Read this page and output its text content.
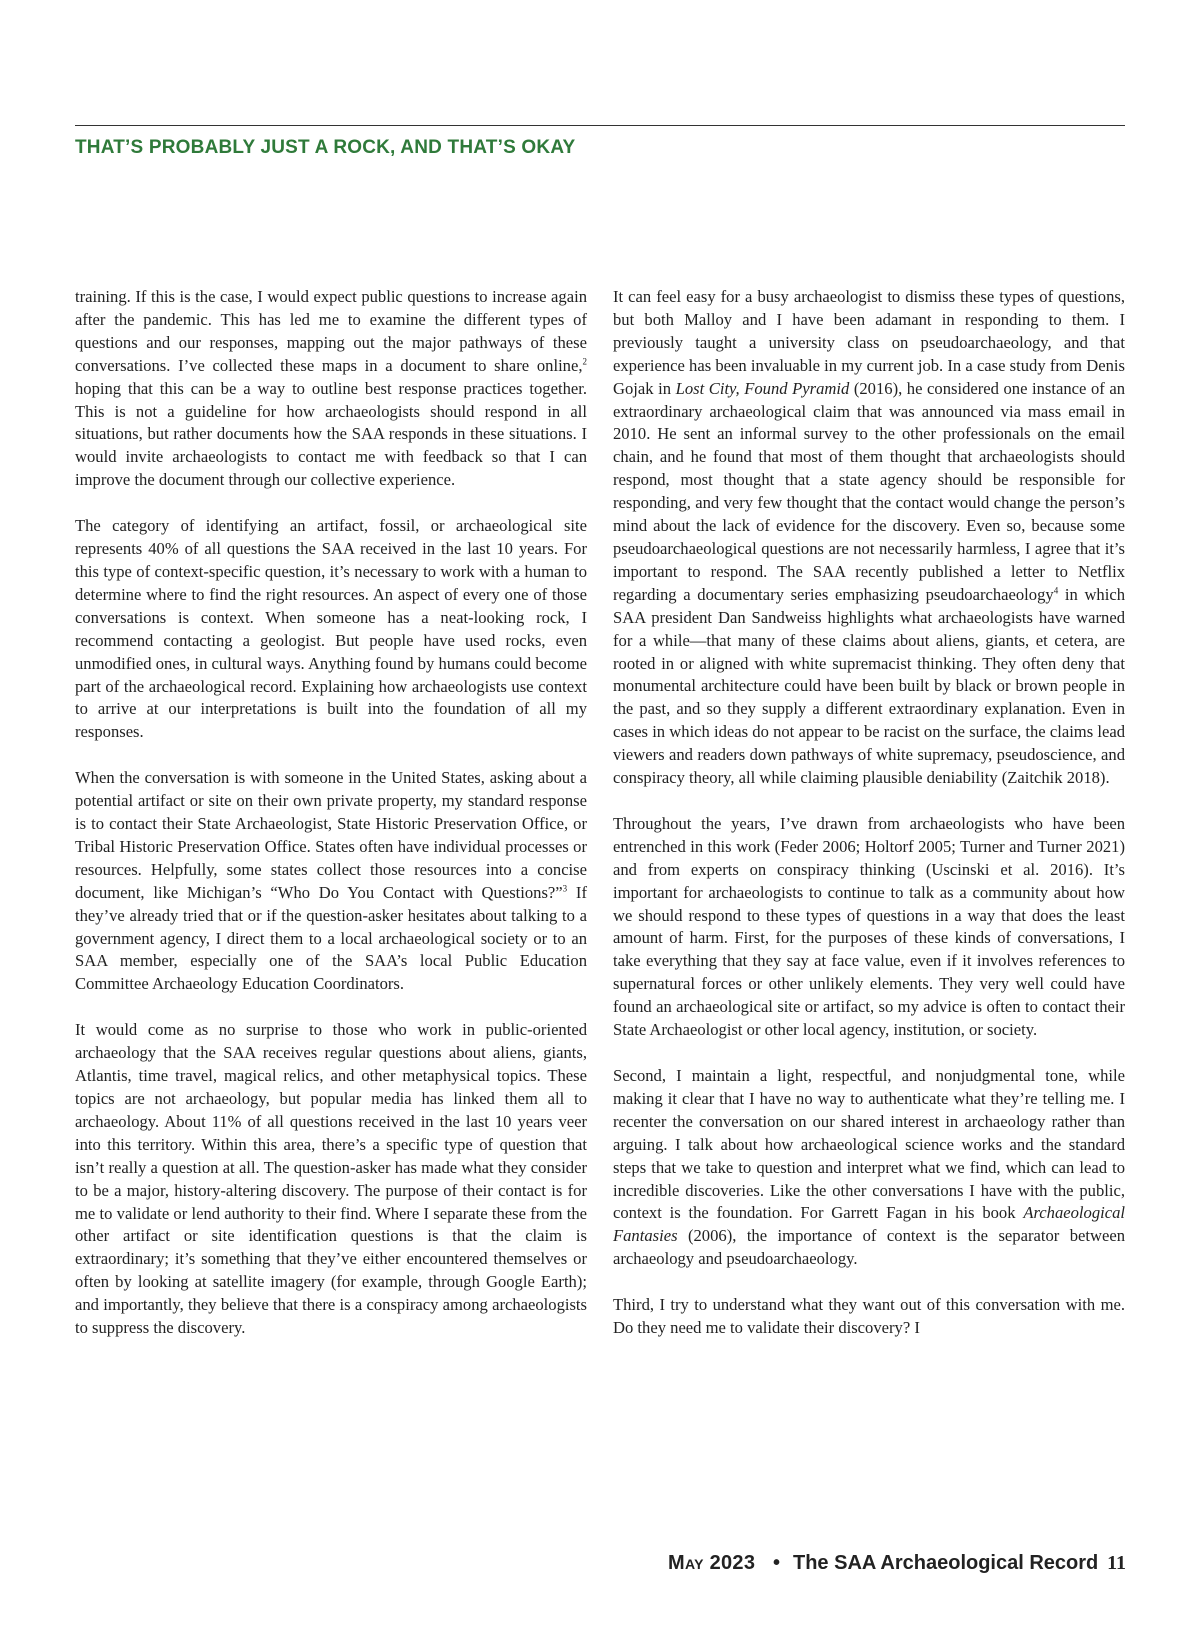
THAT’S PROBABLY JUST A ROCK, AND THAT’S OKAY

training. If this is the case, I would expect public questions to increase again after the pandemic. This has led me to examine the different types of questions and our responses, mapping out the major pathways of these conversations. I’ve collected these maps in a document to share online,$^2$ hoping that this can be a way to outline best response practices together. This is not a guideline for how archaeologists should respond in all situations, but rather documents how the SAA responds in these situations. I would invite archaeologists to contact me with feedback so that I can improve the document through our collective experience.

The category of identifying an artifact, fossil, or archaeological site represents 40% of all questions the SAA received in the last 10 years. For this type of context-specific question, it’s necessary to work with a human to determine where to find the right resources. An aspect of every one of those conversations is context. When someone has a neat-looking rock, I recommend contacting a geologist. But people have used rocks, even unmodified ones, in cultural ways. Anything found by humans could become part of the archaeological record. Explaining how archaeologists use context to arrive at our interpretations is built into the foundation of all my responses.

When the conversation is with someone in the United States, asking about a potential artifact or site on their own private property, my standard response is to contact their State Archaeologist, State Historic Preservation Office, or Tribal Historic Preservation Office. States often have individual processes or resources. Helpfully, some states collect those resources into a concise document, like Michigan’s “Who Do You Contact with Questions?”$^3$ If they’ve already tried that or if the question-asker hesitates about talking to a government agency, I direct them to a local archaeological society or to an SAA member, especially one of the SAA’s local Public Education Committee Archaeology Education Coordinators.

It would come as no surprise to those who work in public-oriented archaeology that the SAA receives regular questions about aliens, giants, Atlantis, time travel, magical relics, and other metaphysical topics. These topics are not archaeology, but popular media has linked them all to archaeology. About 11% of all questions received in the last 10 years veer into this territory. Within this area, there’s a specific type of question that isn’t really a question at all. The question-asker has made what they consider to be a major, history-altering discovery. The purpose of their contact is for me to validate or lend authority to their find. Where I separate these from the other artifact or site identification questions is that the claim is extraordinary; it’s something that they’ve either encountered themselves or often by looking at satellite imagery (for example, through Google Earth); and importantly, they believe that there is a conspiracy among archaeologists to suppress the discovery.

It can feel easy for a busy archaeologist to dismiss these types of questions, but both Malloy and I have been adamant in responding to them. I previously taught a university class on pseudoarchaeology, and that experience has been invaluable in my current job. In a case study from Denis Gojak in Lost City, Found Pyramid (2016), he considered one instance of an extraordinary archaeological claim that was announced via mass email in 2010. He sent an informal survey to the other professionals on the email chain, and he found that most of them thought that archaeologists should respond, most thought that a state agency should be responsible for responding, and very few thought that the contact would change the person’s mind about the lack of evidence for the discovery. Even so, because some pseudoarchaeological questions are not necessarily harmless, I agree that it’s important to respond. The SAA recently published a letter to Netflix regarding a documentary series emphasizing pseudoarchaeology$^4$ in which SAA president Dan Sandweiss highlights what archaeologists have warned for a while—that many of these claims about aliens, giants, et cetera, are rooted in or aligned with white supremacist thinking. They often deny that monumental architecture could have been built by black or brown people in the past, and so they supply a different extraordinary explanation. Even in cases in which ideas do not appear to be racist on the surface, the claims lead viewers and readers down pathways of white supremacy, pseudoscience, and conspiracy theory, all while claiming plausible deniability (Zaitchik 2018).

Throughout the years, I’ve drawn from archaeologists who have been entrenched in this work (Feder 2006; Holtorf 2005; Turner and Turner 2021) and from experts on conspiracy thinking (Uscinski et al. 2016). It’s important for archaeologists to continue to talk as a community about how we should respond to these types of questions in a way that does the least amount of harm. First, for the purposes of these kinds of conversations, I take everything that they say at face value, even if it involves references to supernatural forces or other unlikely elements. They very well could have found an archaeological site or artifact, so my advice is often to contact their State Archaeologist or other local agency, institution, or society.

Second, I maintain a light, respectful, and nonjudgmental tone, while making it clear that I have no way to authenticate what they’re telling me. I recenter the conversation on our shared interest in archaeology rather than arguing. I talk about how archaeological science works and the standard steps that we take to question and interpret what we find, which can lead to incredible discoveries. Like the other conversations I have with the public, context is the foundation. For Garrett Fagan in his book Archaeological Fantasies (2006), the importance of context is the separator between archaeology and pseudoarchaeology.

Third, I try to understand what they want out of this conversation with me. Do they need me to validate their discovery? I

May 2023 • The SAA Archaeological Record 11
